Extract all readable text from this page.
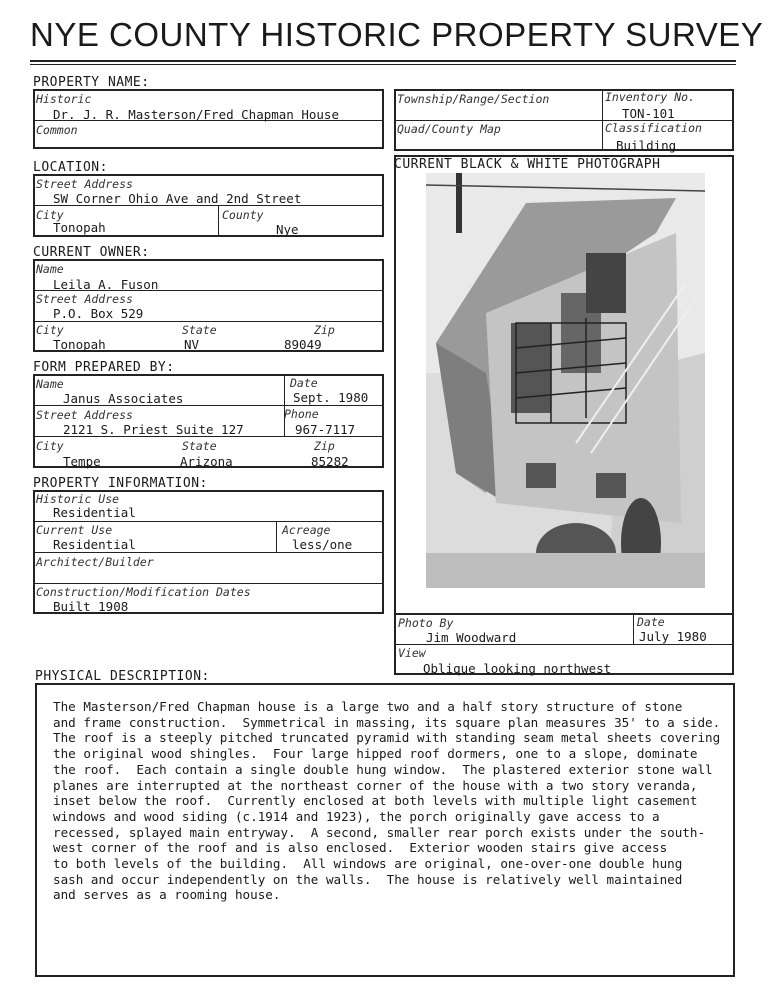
NYE COUNTY HISTORIC PROPERTY SURVEY
PROPERTY NAME:
Historic
Dr. J. R. Masterson/Fred Chapman House
Common
LOCATION:
Street Address
SW Corner Ohio Ave and 2nd Street
City
Tonopah
County
Nye
CURRENT OWNER:
Name
Leila A. Fuson
Street Address
P.O. Box 529
City
Tonopah
State
NV
Zip
89049
FORM PREPARED BY:
Name
Janus Associates
Date
Sept. 1980
Street Address
2121 S. Priest Suite 127
Phone
967-7117
City
Tempe
State
Arizona
Zip
85282
PROPERTY INFORMATION:
Historic Use
Residential
Current Use
Residential
Acreage
less/one
Architect/Builder
Construction/Modification Dates
Built 1908
Township/Range/Section	Inventory No.
TON-101
Quad/County Map	Classification
Building
CURRENT BLACK & WHITE PHOTOGRAPH
Photo By
Jim Woodward
Date
July 1980
View
Oblique looking northwest
PHYSICAL DESCRIPTION:
The Masterson/Fred Chapman house is a large two and a half story structure of stone
and frame construction.  Symmetrical in massing, its square plan measures 35' to a side.
The roof is a steeply pitched truncated pyramid with standing seam metal sheets covering
the original wood shingles.  Four large hipped roof dormers, one to a slope, dominate
the roof.  Each contain a single double hung window.  The plastered exterior stone wall
planes are interrupted at the northeast corner of the house with a two story veranda,
inset below the roof.  Currently enclosed at both levels with multiple light casement
windows and wood siding (c.1914 and 1923), the porch originally gave access to a
recessed, splayed main entryway.  A second, smaller rear porch exists under the south-
west corner of the roof and is also enclosed.  Exterior wooden stairs give access
to both levels of the building.  All windows are original, one-over-one double hung
sash and occur independently on the walls.  The house is relatively well maintained
and serves as a rooming house.
